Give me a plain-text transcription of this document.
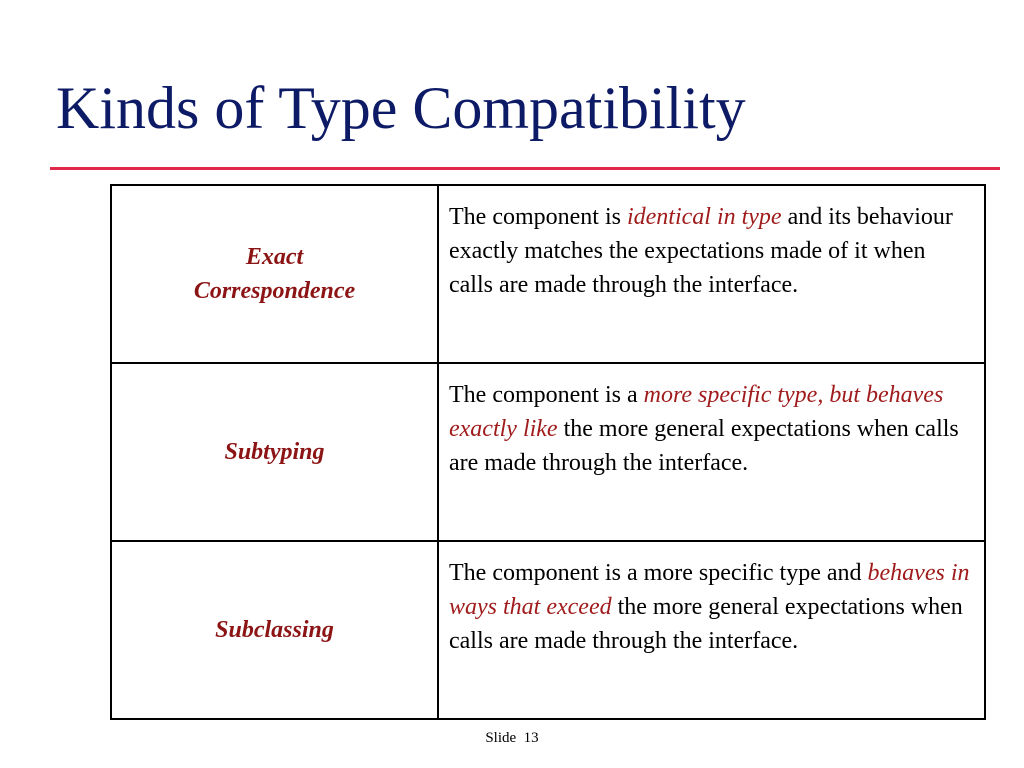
Kinds of Type Compatibility
Exact
Correspondence	The component is identical in type and its behaviour exactly matches the expectations made of it when calls are made through the interface.
Subtyping	The component is a more specific type, but behaves exactly like the more general expectations when calls are made through the interface.
Subclassing	The component is a more specific type and behaves in ways that exceed the more general expectations when calls are made through the interface.
Slide 13
